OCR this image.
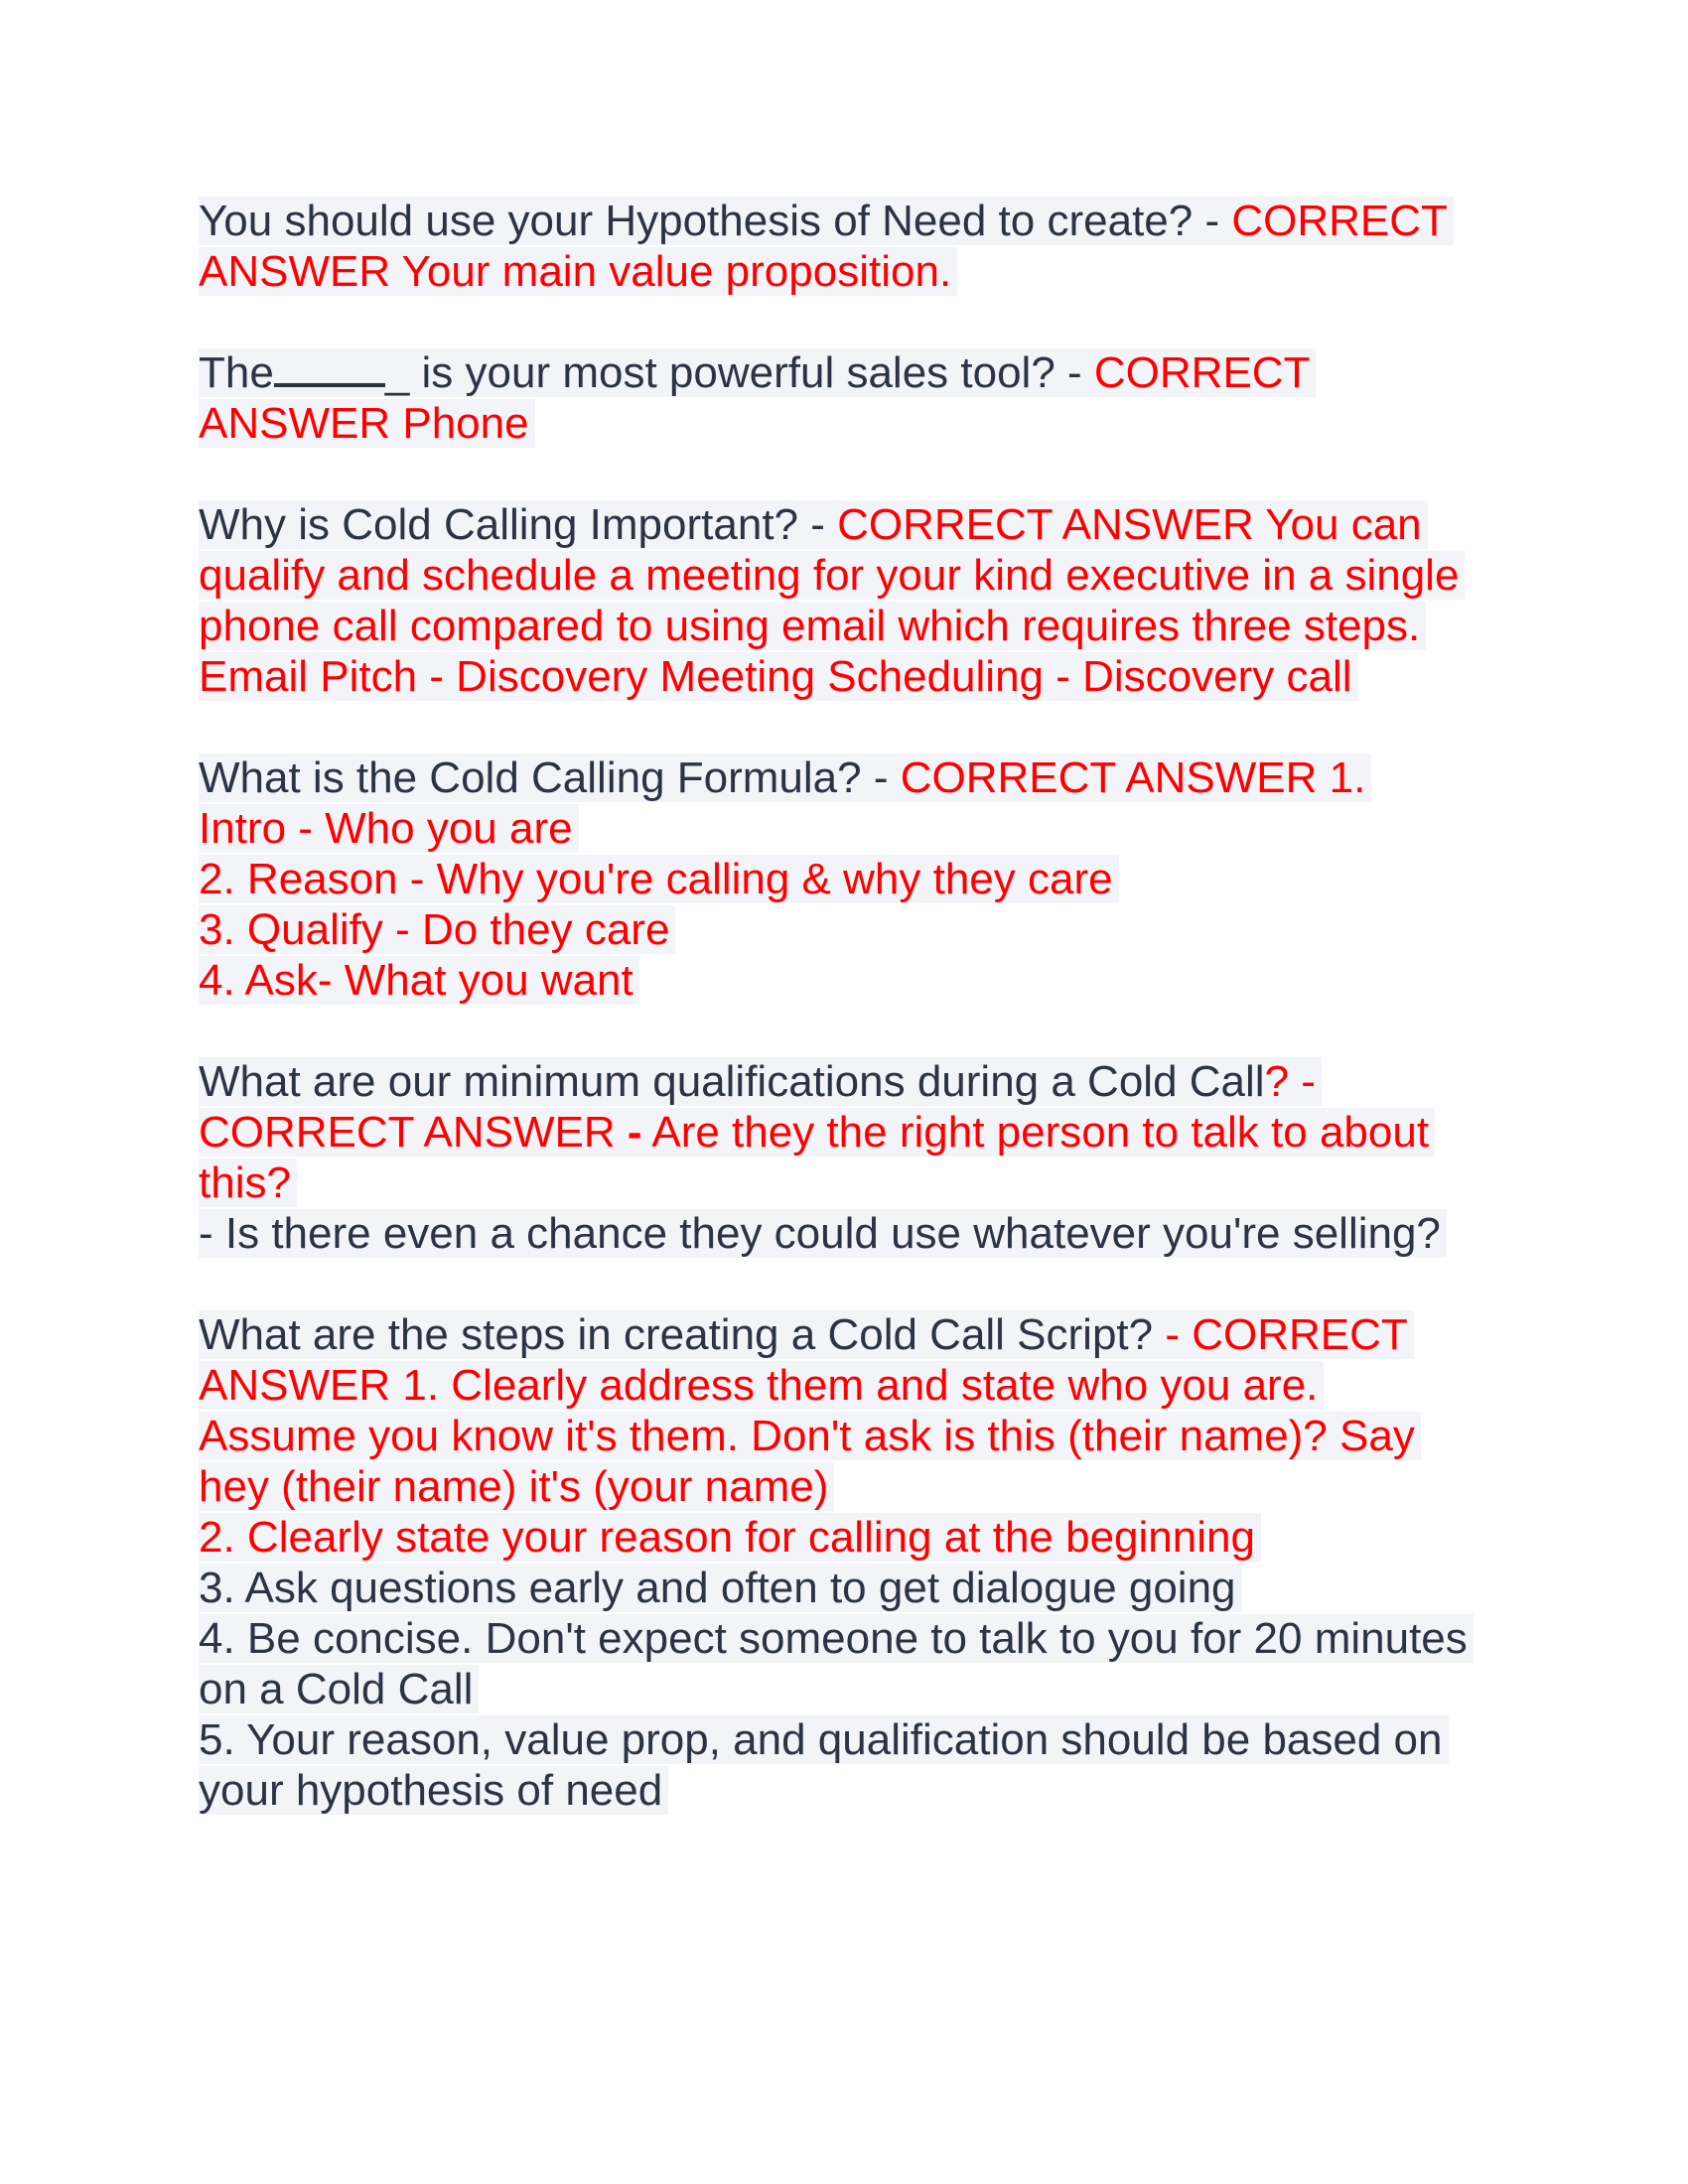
You should use your Hypothesis of Need to create? - CORRECT
ANSWER Your main value proposition.
The	_ is your most powerful sales tool? - CORRECT
ANSWER Phone
Why is Cold Calling Important? - CORRECT ANSWER You can
qualify and schedule a meeting for your kind executive in a single
phone call compared to using email which requires three steps.
Email Pitch - Discovery Meeting Scheduling - Discovery call
What is the Cold Calling Formula? - CORRECT ANSWER 1.
Intro - Who you are
2. Reason - Why you're calling & why they care
3. Qualify - Do they care
4. Ask- What you want
What are our minimum qualifications during a Cold Call? -
CORRECT ANSWER - Are they the right person to talk to about
this?
- Is there even a chance they could use whatever you're selling?
What are the steps in creating a Cold Call Script? - CORRECT
ANSWER 1. Clearly address them and state who you are.
Assume you know it's them. Don't ask is this (their name)? Say
hey (their name) it's (your name)
2. Clearly state your reason for calling at the beginning
3. Ask questions early and often to get dialogue going
4. Be concise. Don't expect someone to talk to you for 20 minutes
on a Cold Call
5. Your reason, value prop, and qualification should be based on
your hypothesis of need
